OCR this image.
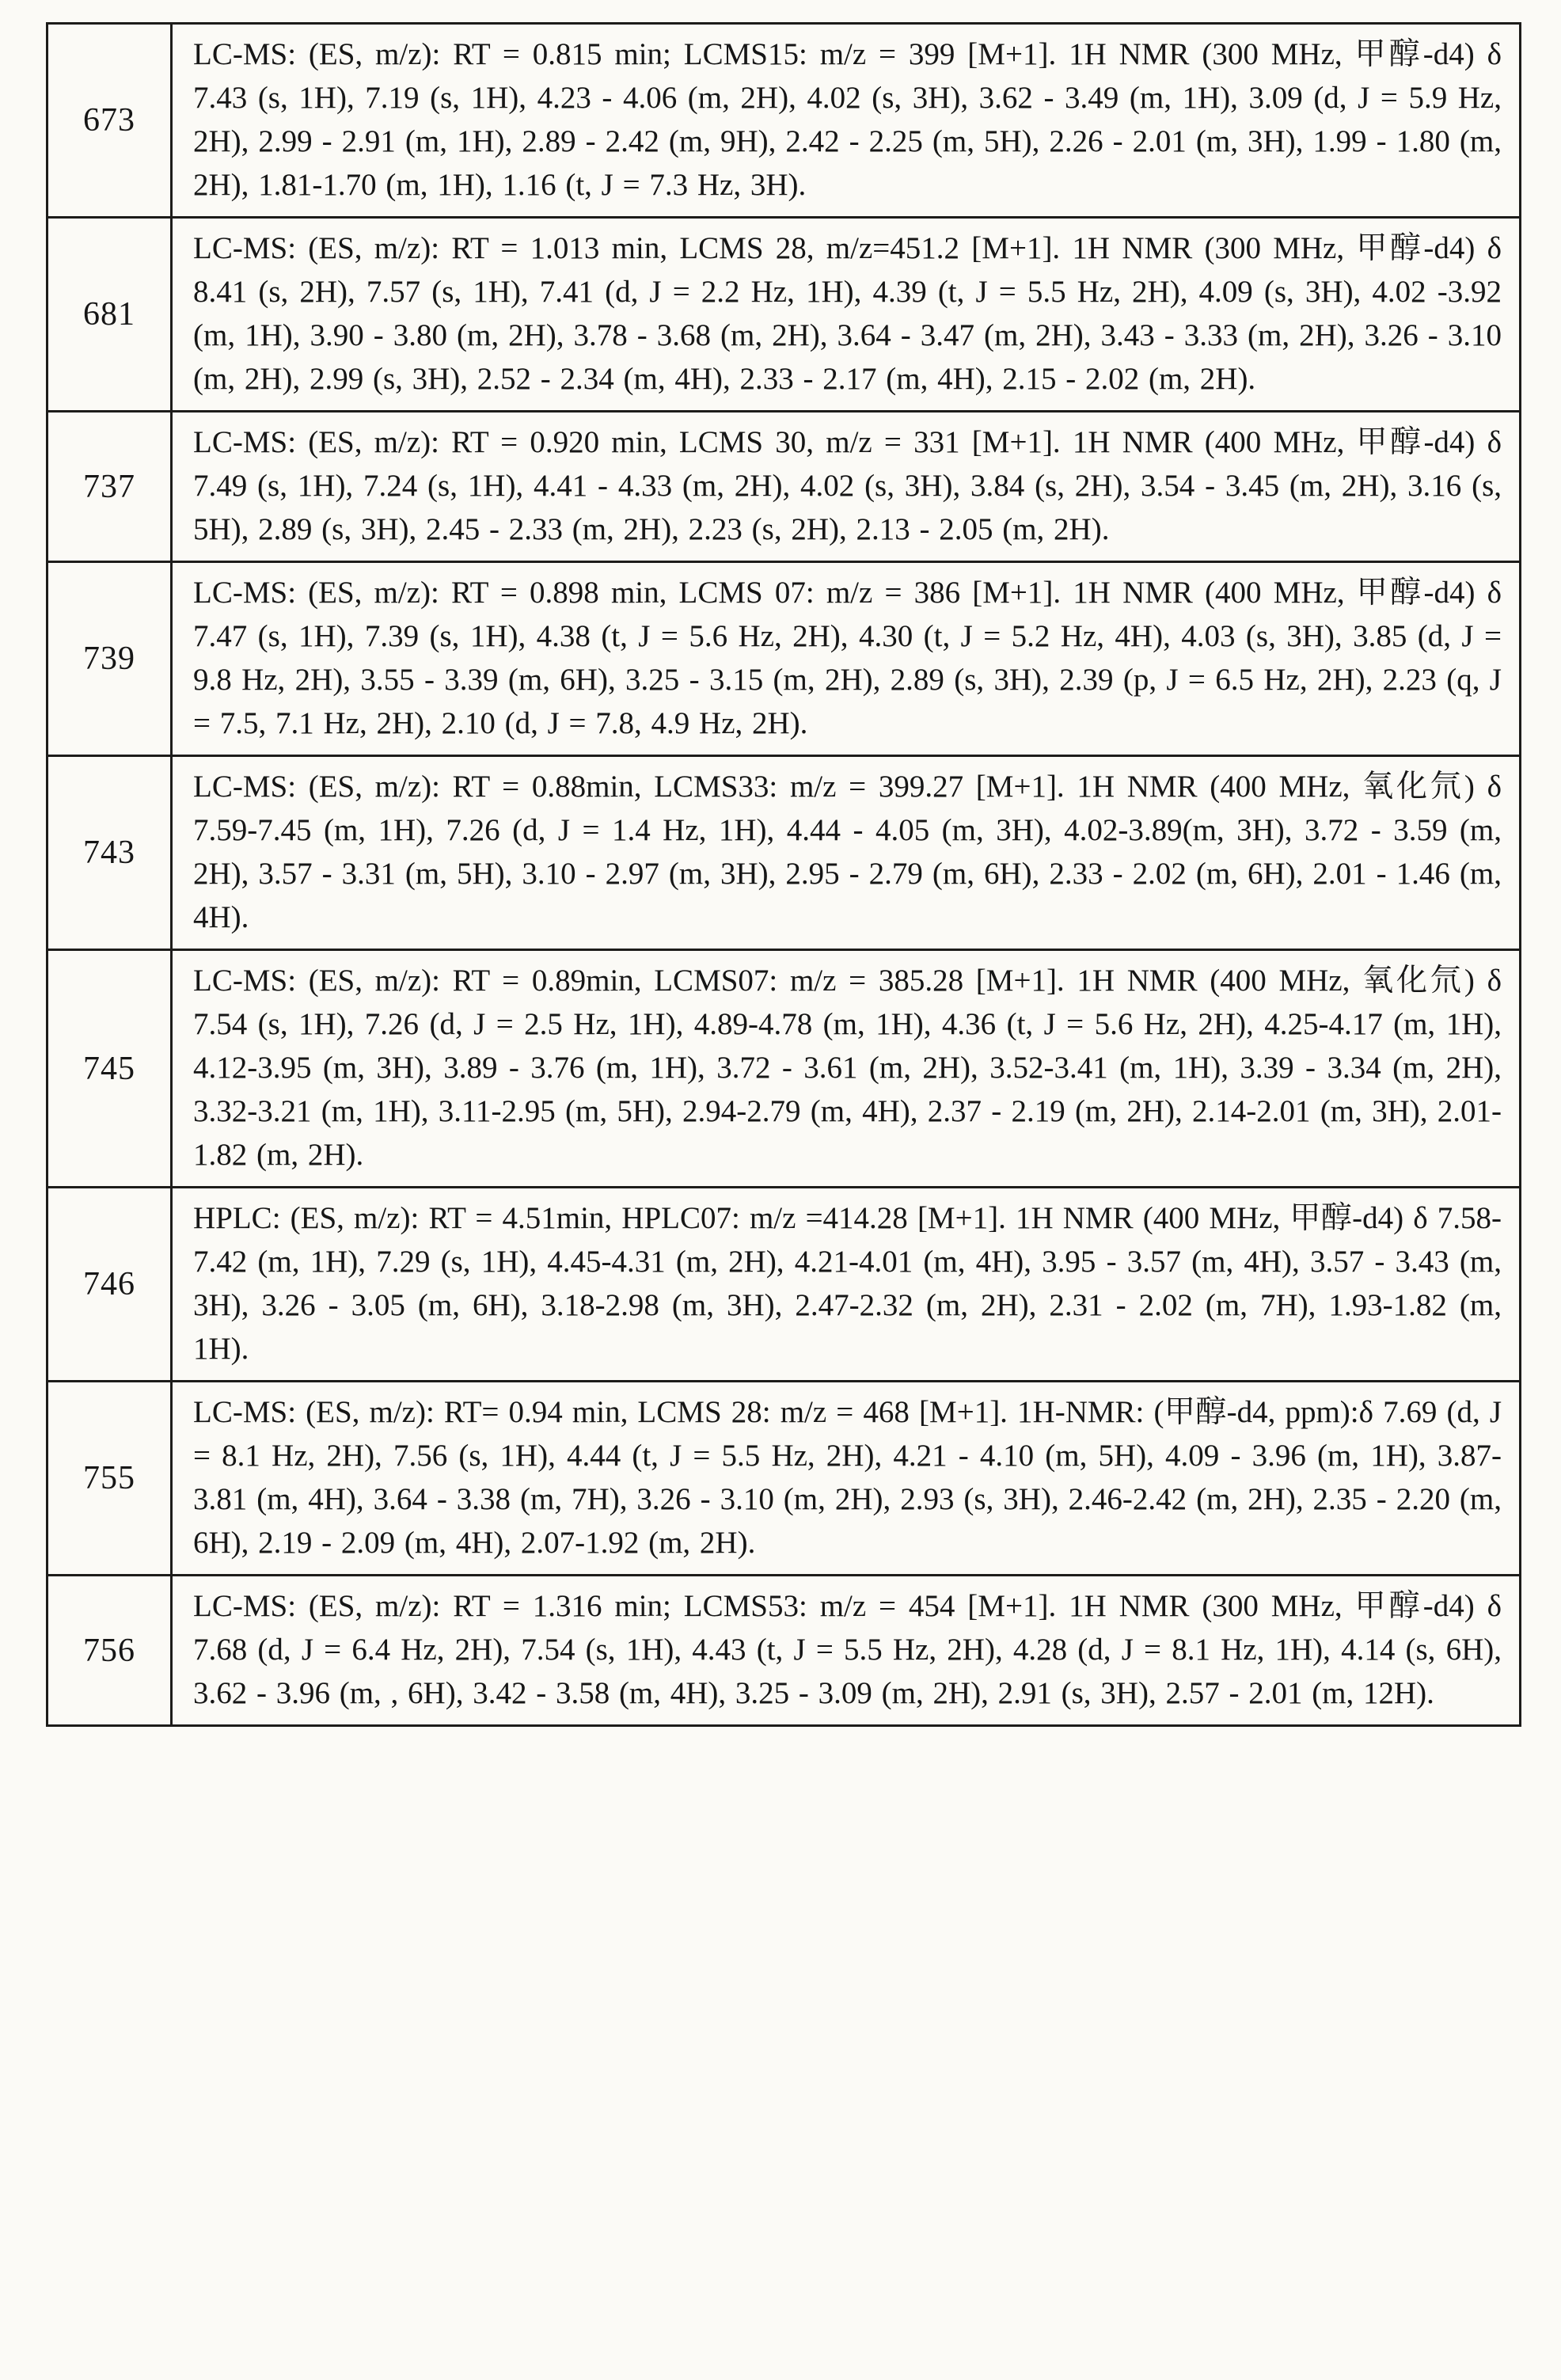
673	LC-MS: (ES, m/z): RT = 0.815 min; LCMS15: m/z = 399 [M+1]. 1H NMR (300 MHz, 甲醇-d4) δ 7.43 (s, 1H), 7.19 (s, 1H), 4.23 - 4.06 (m, 2H), 4.02 (s, 3H), 3.62 - 3.49 (m, 1H), 3.09 (d, J = 5.9 Hz, 2H), 2.99 - 2.91 (m, 1H), 2.89 - 2.42 (m, 9H), 2.42 - 2.25 (m, 5H), 2.26 - 2.01 (m, 3H), 1.99 - 1.80 (m, 2H), 1.81-1.70 (m, 1H), 1.16 (t, J = 7.3 Hz, 3H).
681	LC-MS: (ES, m/z): RT = 1.013 min, LCMS 28, m/z=451.2 [M+1]. 1H NMR (300 MHz, 甲醇-d4) δ 8.41 (s, 2H), 7.57 (s, 1H), 7.41 (d, J = 2.2 Hz, 1H), 4.39 (t, J = 5.5 Hz, 2H), 4.09 (s, 3H), 4.02 -3.92 (m, 1H), 3.90 - 3.80 (m, 2H), 3.78 - 3.68 (m, 2H), 3.64 - 3.47 (m, 2H), 3.43 - 3.33 (m, 2H), 3.26 - 3.10 (m, 2H), 2.99 (s, 3H), 2.52 - 2.34 (m, 4H), 2.33 - 2.17 (m, 4H), 2.15 - 2.02 (m, 2H).
737	LC-MS: (ES, m/z): RT = 0.920 min, LCMS 30, m/z = 331 [M+1]. 1H NMR (400 MHz, 甲醇-d4) δ 7.49 (s, 1H), 7.24 (s, 1H), 4.41 - 4.33 (m, 2H), 4.02 (s, 3H), 3.84 (s, 2H), 3.54 - 3.45 (m, 2H), 3.16 (s, 5H), 2.89 (s, 3H), 2.45 - 2.33 (m, 2H), 2.23 (s, 2H), 2.13 - 2.05 (m, 2H).
739	LC-MS: (ES, m/z): RT = 0.898 min, LCMS 07: m/z = 386 [M+1]. 1H NMR (400 MHz, 甲醇-d4) δ 7.47 (s, 1H), 7.39 (s, 1H), 4.38 (t, J = 5.6 Hz, 2H), 4.30 (t, J = 5.2 Hz, 4H), 4.03 (s, 3H), 3.85 (d, J = 9.8 Hz, 2H), 3.55 - 3.39 (m, 6H), 3.25 - 3.15 (m, 2H), 2.89 (s, 3H), 2.39 (p, J = 6.5 Hz, 2H), 2.23 (q, J = 7.5, 7.1 Hz, 2H), 2.10 (d, J = 7.8, 4.9 Hz, 2H).
743	LC-MS: (ES, m/z): RT = 0.88min, LCMS33: m/z = 399.27 [M+1]. 1H NMR (400 MHz, 氧化氘) δ 7.59-7.45 (m, 1H), 7.26 (d, J = 1.4 Hz, 1H), 4.44 - 4.05 (m, 3H), 4.02-3.89(m, 3H), 3.72 - 3.59 (m, 2H), 3.57 - 3.31 (m, 5H), 3.10 - 2.97 (m, 3H), 2.95 - 2.79 (m, 6H), 2.33 - 2.02 (m, 6H), 2.01 - 1.46 (m, 4H).
745	LC-MS: (ES, m/z): RT = 0.89min, LCMS07: m/z = 385.28 [M+1]. 1H NMR (400 MHz, 氧化氘) δ 7.54 (s, 1H), 7.26 (d, J = 2.5 Hz, 1H), 4.89-4.78 (m, 1H), 4.36 (t, J = 5.6 Hz, 2H), 4.25-4.17 (m, 1H), 4.12-3.95 (m, 3H), 3.89 - 3.76 (m, 1H), 3.72 - 3.61 (m, 2H), 3.52-3.41 (m, 1H), 3.39 - 3.34 (m, 2H), 3.32-3.21 (m, 1H), 3.11-2.95 (m, 5H), 2.94-2.79 (m, 4H), 2.37 - 2.19 (m, 2H), 2.14-2.01 (m, 3H), 2.01-1.82 (m, 2H).
746	HPLC: (ES, m/z): RT = 4.51min, HPLC07: m/z =414.28 [M+1]. 1H NMR (400 MHz, 甲醇-d4) δ 7.58-7.42 (m, 1H), 7.29 (s, 1H), 4.45-4.31 (m, 2H), 4.21-4.01 (m, 4H), 3.95 - 3.57 (m, 4H), 3.57 - 3.43 (m, 3H), 3.26 - 3.05 (m, 6H), 3.18-2.98 (m, 3H), 2.47-2.32 (m, 2H), 2.31 - 2.02 (m, 7H), 1.93-1.82 (m, 1H).
755	LC-MS: (ES, m/z): RT= 0.94 min, LCMS 28: m/z = 468 [M+1]. 1H-NMR: (甲醇-d4, ppm):δ 7.69 (d, J = 8.1 Hz, 2H), 7.56 (s, 1H), 4.44 (t, J = 5.5 Hz, 2H), 4.21 - 4.10 (m, 5H), 4.09 - 3.96 (m, 1H), 3.87-3.81 (m, 4H), 3.64 - 3.38 (m, 7H), 3.26 - 3.10 (m, 2H), 2.93 (s, 3H), 2.46-2.42 (m, 2H), 2.35 - 2.20 (m, 6H), 2.19 - 2.09 (m, 4H), 2.07-1.92 (m, 2H).
756	LC-MS: (ES, m/z): RT = 1.316 min; LCMS53: m/z = 454 [M+1]. 1H NMR (300 MHz, 甲醇-d4) δ 7.68 (d, J = 6.4 Hz, 2H), 7.54 (s, 1H), 4.43 (t, J = 5.5 Hz, 2H), 4.28 (d, J = 8.1 Hz, 1H), 4.14 (s, 6H), 3.62 - 3.96 (m, , 6H), 3.42 - 3.58 (m, 4H), 3.25 - 3.09 (m, 2H), 2.91 (s, 3H), 2.57 - 2.01 (m, 12H).
